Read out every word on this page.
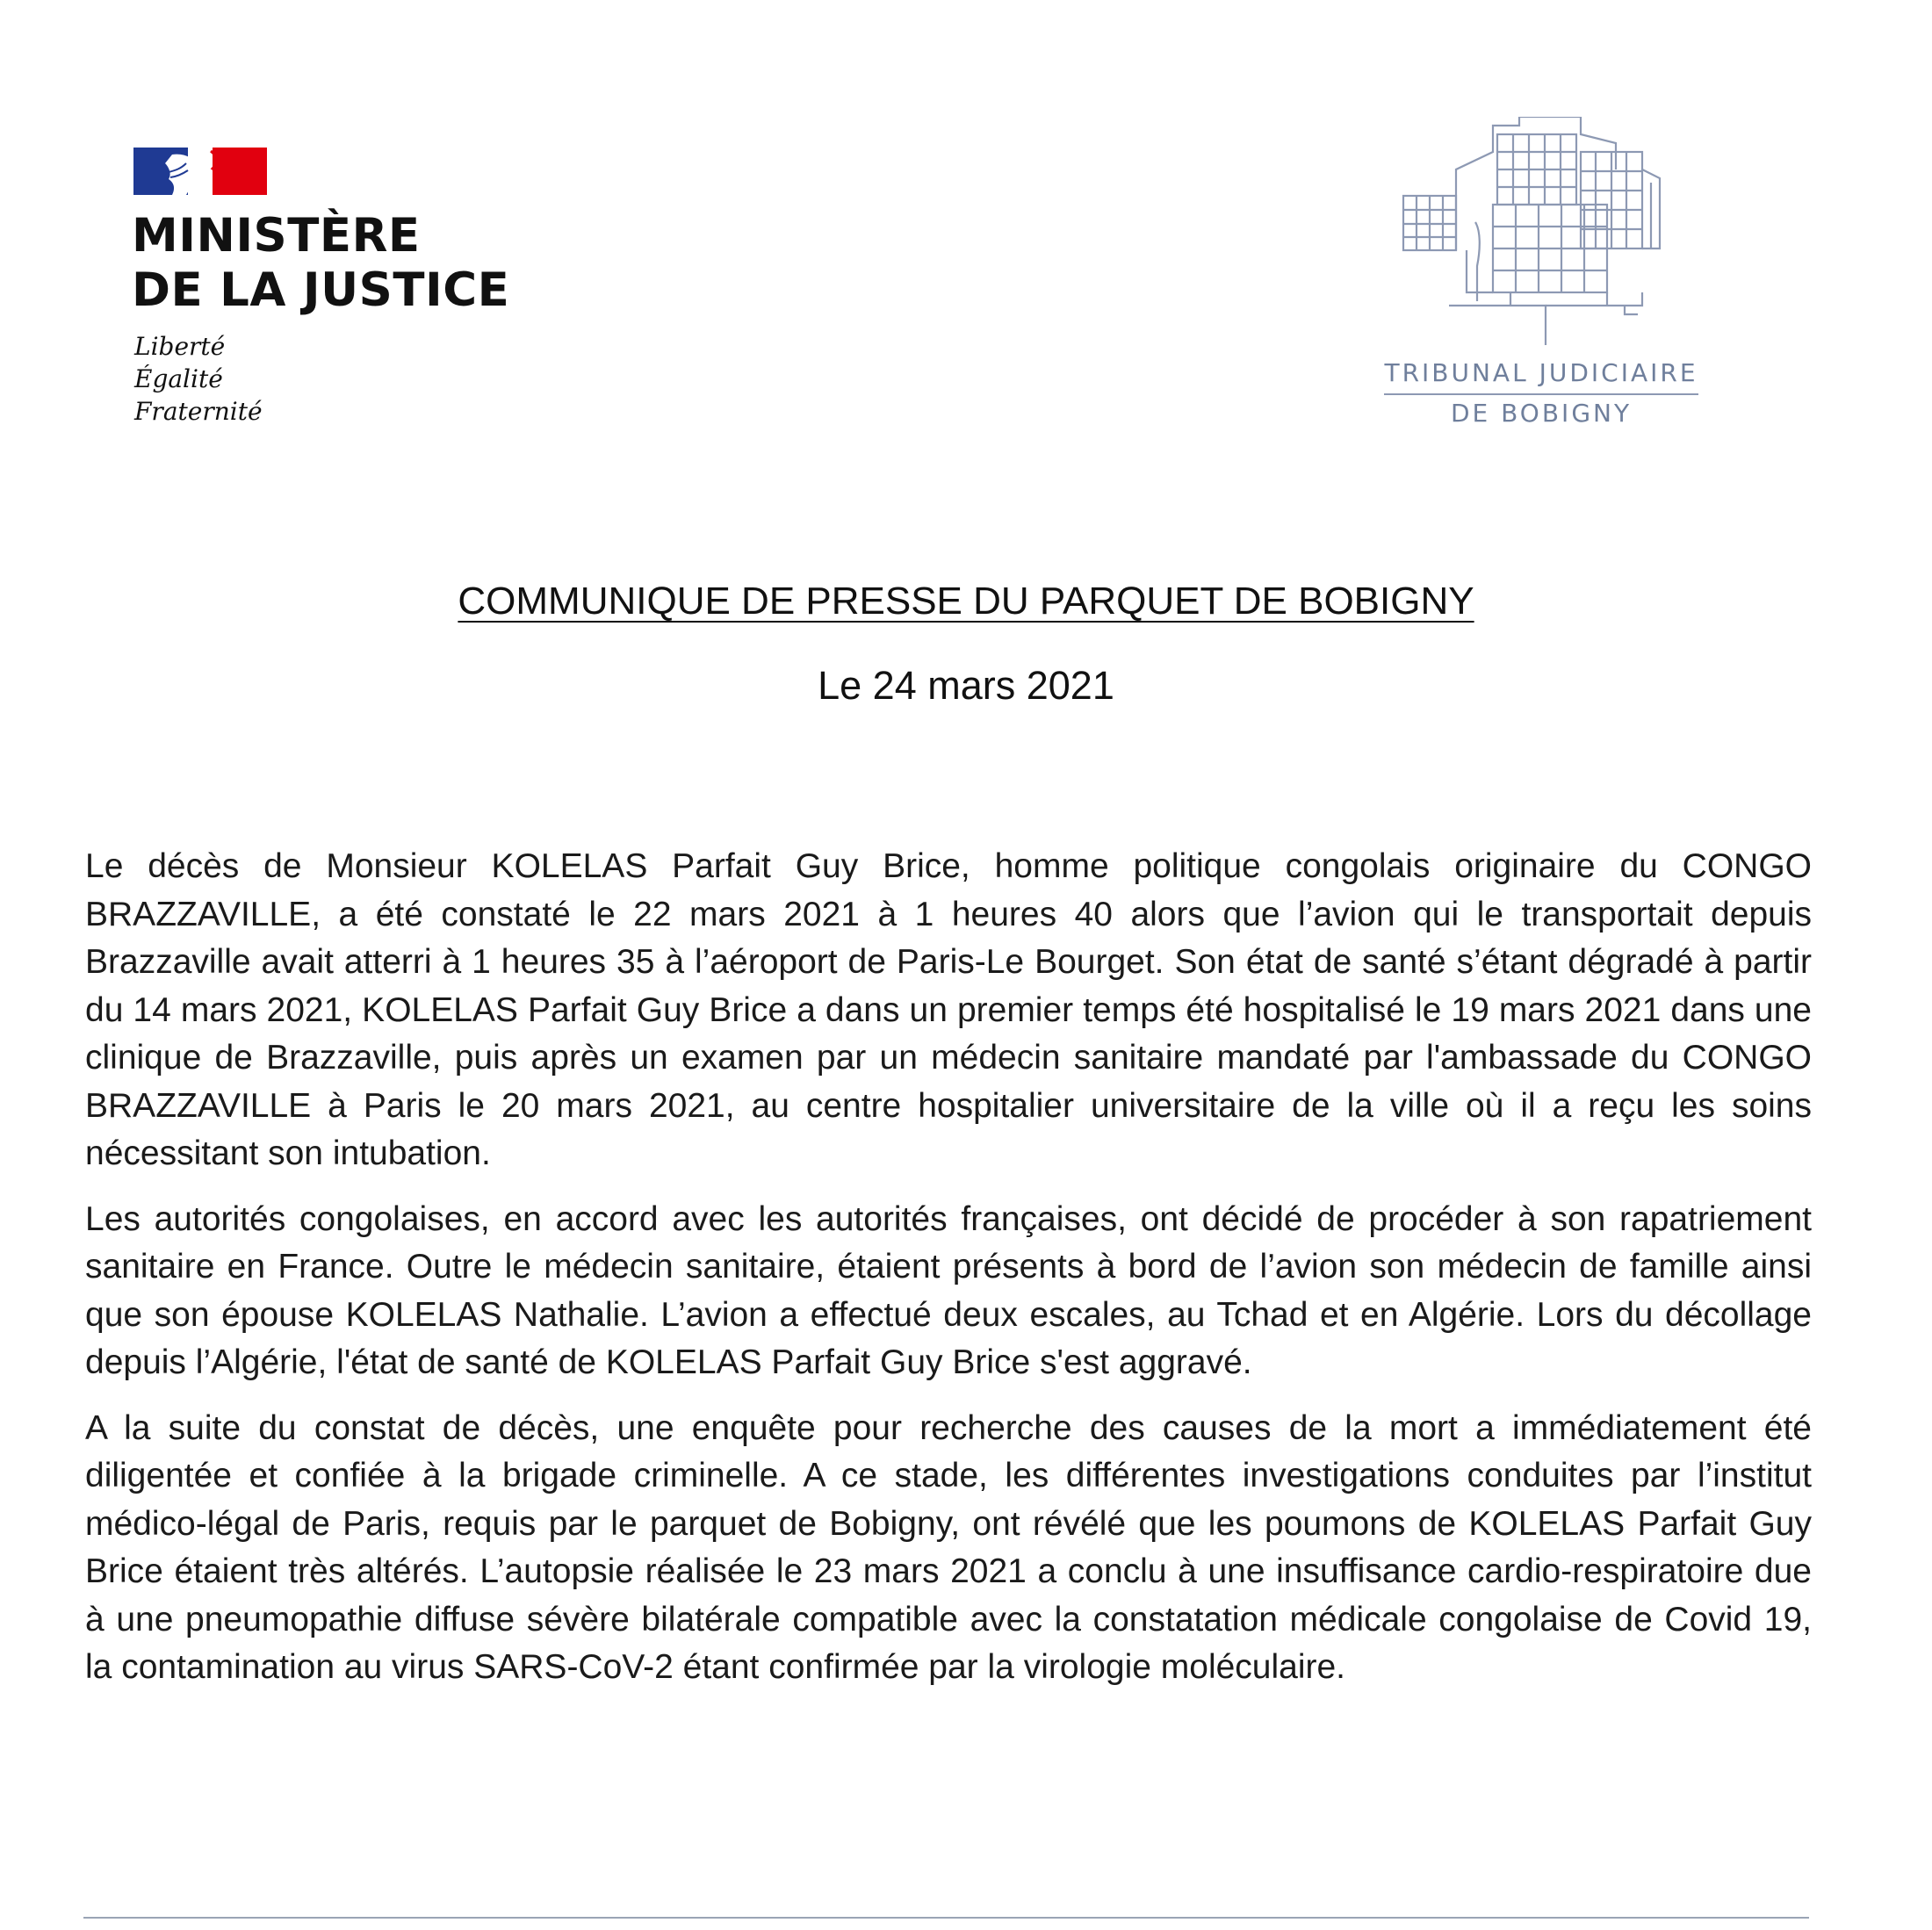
MINISTÈRE
DE LA JUSTICE
Liberté
Égalité
Fraternité
TRIBUNAL JUDICIAIRE
DE BOBIGNY
COMMUNIQUE DE PRESSE DU PARQUET DE BOBIGNY
Le 24 mars 2021

Le décès de Monsieur KOLELAS Parfait Guy Brice, homme politique congolais originaire du CONGO BRAZZAVILLE, a été constaté le 22 mars 2021 à 1 heures 40 alors que l’avion qui le transportait depuis Brazzaville avait atterri à 1 heures 35 à l’aéroport de Paris-Le Bourget. Son état de santé s’étant dégradé à partir du 14 mars 2021, KOLELAS Parfait Guy Brice a dans un premier temps été hospitalisé le 19 mars 2021 dans une clinique de Brazzaville, puis après un examen par un médecin sanitaire mandaté par l'ambassade du CONGO BRAZZAVILLE à Paris le 20 mars 2021, au centre hospitalier universitaire de la ville où il a reçu les soins nécessitant son intubation.

Les autorités congolaises, en accord avec les autorités françaises, ont décidé de procéder à son rapatriement sanitaire en France. Outre le médecin sanitaire, étaient présents à bord de l’avion son médecin de famille ainsi que son épouse KOLELAS Nathalie. L’avion a effectué deux escales, au Tchad et en Algérie. Lors du décollage depuis l’Algérie, l'état de santé de KOLELAS Parfait Guy Brice s'est aggravé.

A la suite du constat de décès, une enquête pour recherche des causes de la mort a immédiatement été diligentée et confiée à la brigade criminelle. A ce stade, les différentes investigations conduites par l’institut médico-légal de Paris, requis par le parquet de Bobigny, ont révélé que les poumons de KOLELAS Parfait Guy Brice étaient très altérés. L’autopsie réalisée le 23 mars 2021 a conclu à une insuffisance cardio-respiratoire due à une pneumopathie diffuse sévère bilatérale compatible avec la constatation médicale congolaise de Covid 19, la contamination au virus SARS-CoV-2 étant confirmée par la virologie moléculaire.
